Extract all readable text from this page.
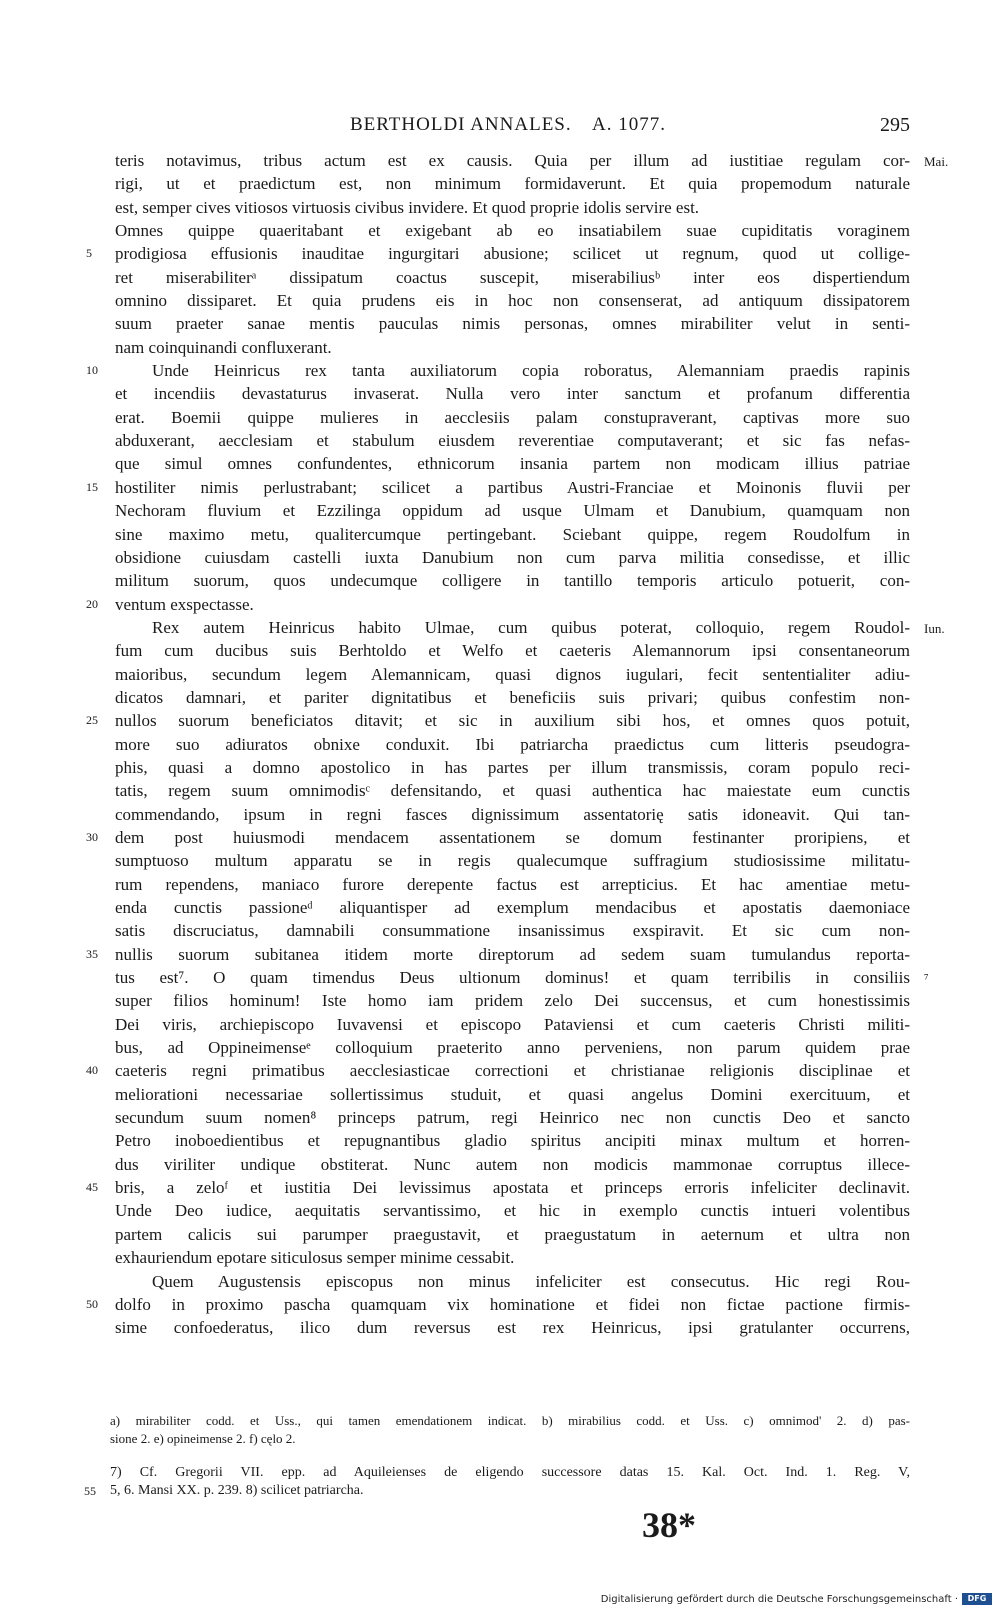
BERTHOLDI ANNALES. A. 1077.	295
teris notavimus, tribus actum est ex causis. Quia per illum ad iustitiae regulam cor- Mai.
rigi, ut et praedictum est, non minimum formidaverunt. Et quia propemodum naturale
est, semper cives vitiosos virtuosis civibus invidere. Et quod proprie idolis servire est.
Omnes quippe quaeritabant et exigebant ab eo insatiabilem suae cupiditatis voraginem
5 prodigiosa effusionis inauditae ingurgitari abusione; scilicet ut regnum, quod ut collige-
ret miserabiliterᵃ dissipatum coactus suscepit, miserabiliusᵇ inter eos dispertiendum
omnino dissiparet. Et quia prudens eis in hoc non consenserat, ad antiquum dissipatorem
suum praeter sanae mentis pauculas nimis personas, omnes mirabiliter velut in senti-
nam coinquinandi confluxerant.
10	Unde Heinricus rex tanta auxiliatorum copia roboratus, Alemanniam praedis rapinis
et incendiis devastaturus invaserat. Nulla vero inter sanctum et profanum differentia
erat. Boemii quippe mulieres in aecclesiis palam constupraverant, captivas more suo
abduxerant, aecclesiam et stabulum eiusdem reverentiae computaverant; et sic fas nefas-
que simul omnes confundentes, ethnicorum insania partem non modicam illius patriae
15 hostiliter nimis perlustrabant; scilicet a partibus Austri-Franciae et Moinonis fluvii per
Nechoram fluvium et Ezzilinga oppidum ad usque Ulmam et Danubium, quamquam non
sine maximo metu, qualitercumque pertingebant. Sciebant quippe, regem Roudolfum in
obsidione cuiusdam castelli iuxta Danubium non cum parva militia consedisse, et illic
militum suorum, quos undecumque colligere in tantillo temporis articulo potuerit, con-
20 ventum exspectasse.
Rex autem Heinricus habito Ulmae, cum quibus poterat, colloquio, regem Roudol- Iun.
fum cum ducibus suis Berhtoldo et Welfo et caeteris Alemannorum ipsi consentaneorum
maioribus, secundum legem Alemannicam, quasi dignos iugulari, fecit sententialiter adiu-
dicatos damnari, et pariter dignitatibus et beneficiis suis privari; quibus confestim non-
25 nullos suorum beneficiatos ditavit; et sic in auxilium sibi hos, et omnes quos potuit,
more suo adiuratos obnixe conduxit. Ibi patriarcha praedictus cum litteris pseudogra-
phis, quasi a domno apostolico in has partes per illum transmissis, coram populo reci-
tatis, regem suum omnimodisᶜ defensitando, et quasi authentica hac maiestate eum cunctis
commendando, ipsum in regni fasces dignissimum assentatorię satis idoneavit. Qui tan-
30 dem post huiusmodi mendacem assentationem se domum festinanter proripiens, et
sumptuoso multum apparatu se in regis qualecumque suffragium studiosissime militatu-
rum rependens, maniaco furore derepente factus est arrepticius. Et hac amentiae metu-
enda cunctis passioneᵈ aliquantisper ad exemplum mendacibus et apostatis daemoniace
satis discruciatus, damnabili consummatione insanissimus exspiravit. Et sic cum non-
35 nullis suorum subitanea itidem morte direptorum ad sedem suam tumulandus reporta-
tus est⁷. O quam timendus Deus ultionum dominus! et quam terribilis in consiliis ⁷
super filios hominum! Iste homo iam pridem zelo Dei succensus, et cum honestissimis
Dei viris, archiepiscopo Iuvavensi et episcopo Pataviensi et cum caeteris Christi militi-
bus, ad Oppineimenseᵉ colloquium praeterito anno perveniens, non parum quidem prae
40 caeteris regni primatibus aecclesiasticae correctioni et christianae religionis disciplinae et
meliorationi necessariae sollertissimus studuit, et quasi angelus Domini exercituum, et
secundum suum nomen⁸ princeps patrum, regi Heinrico nec non cunctis Deo et sancto
Petro inoboedientibus et repugnantibus gladio spiritus ancipiti minax multum et horren-
dus viriliter undique obstiterat. Nunc autem non modicis mammonae corruptus illece-
45 bris, a zeloᶠ et iustitia Dei levissimus apostata et princeps erroris infeliciter declinavit.
Unde Deo iudice, aequitatis servantissimo, et hic in exemplo cunctis intueri volentibus
partem calicis sui parumper praegustavit, et praegustatum in aeternum et ultra non
exhauriendum epotare siticulosus semper minime cessabit.
Quem Augustensis episcopus non minus infeliciter est consecutus. Hic regi Rou-
50 dolfo in proximo pascha quamquam vix hominatione et fidei non fictae pactione firmis-
sime confoederatus, ilico dum reversus est rex Heinricus, ipsi gratulanter occurrens,
a) mirabiliter codd. et Uss., qui tamen emendationem indicat. b) mirabilius codd. et Uss. c) omnimod' 2. d) pas-
sione 2. e) opineimense 2. f) cęlo 2.
7) Cf. Gregorii VII. epp. ad Aquileienses de eligendo successore datas 15. Kal. Oct. Ind. 1. Reg. V,
55 5, 6. Mansi XX. p. 239. 8) scilicet patriarcha.
38*
Digitalisierung gefördert durch die Deutsche Forschungsgemeinschaft ·	DFG
